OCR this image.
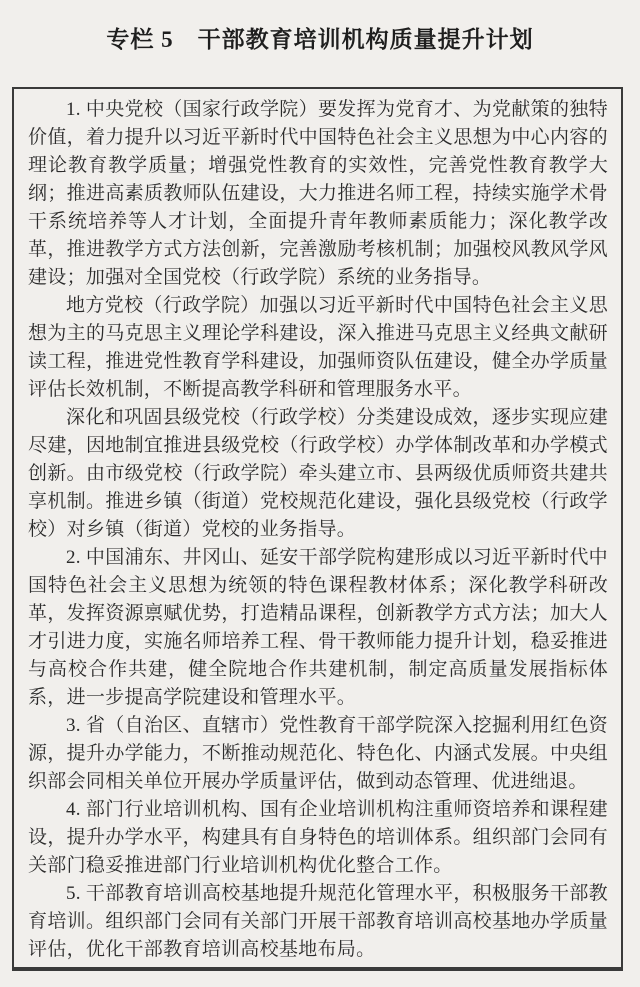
专栏 5　干部教育培训机构质量提升计划

1. 中央党校（国家行政学院）要发挥为党育才、为党献策的独特价值，着力提升以习近平新时代中国特色社会主义思想为中心内容的理论教育教学质量；增强党性教育的实效性，完善党性教育教学大纲；推进高素质教师队伍建设，大力推进名师工程，持续实施学术骨干系统培养等人才计划，全面提升青年教师素质能力；深化教学改革，推进教学方式方法创新，完善激励考核机制；加强校风教风学风建设；加强对全国党校（行政学院）系统的业务指导。

地方党校（行政学院）加强以习近平新时代中国特色社会主义思想为主的马克思主义理论学科建设，深入推进马克思主义经典文献研读工程，推进党性教育学科建设，加强师资队伍建设，健全办学质量评估长效机制，不断提高教学科研和管理服务水平。

深化和巩固县级党校（行政学校）分类建设成效，逐步实现应建尽建，因地制宜推进县级党校（行政学校）办学体制改革和办学模式创新。由市级党校（行政学院）牵头建立市、县两级优质师资共建共享机制。推进乡镇（街道）党校规范化建设，强化县级党校（行政学校）对乡镇（街道）党校的业务指导。

2. 中国浦东、井冈山、延安干部学院构建形成以习近平新时代中国特色社会主义思想为统领的特色课程教材体系；深化教学科研改革，发挥资源禀赋优势，打造精品课程，创新教学方式方法；加大人才引进力度，实施名师培养工程、骨干教师能力提升计划，稳妥推进与高校合作共建，健全院地合作共建机制，制定高质量发展指标体系，进一步提高学院建设和管理水平。

3. 省（自治区、直辖市）党性教育干部学院深入挖掘利用红色资源，提升办学能力，不断推动规范化、特色化、内涵式发展。中央组织部会同相关单位开展办学质量评估，做到动态管理、优进绌退。

4. 部门行业培训机构、国有企业培训机构注重师资培养和课程建设，提升办学水平，构建具有自身特色的培训体系。组织部门会同有关部门稳妥推进部门行业培训机构优化整合工作。

5. 干部教育培训高校基地提升规范化管理水平，积极服务干部教育培训。组织部门会同有关部门开展干部教育培训高校基地办学质量评估，优化干部教育培训高校基地布局。
